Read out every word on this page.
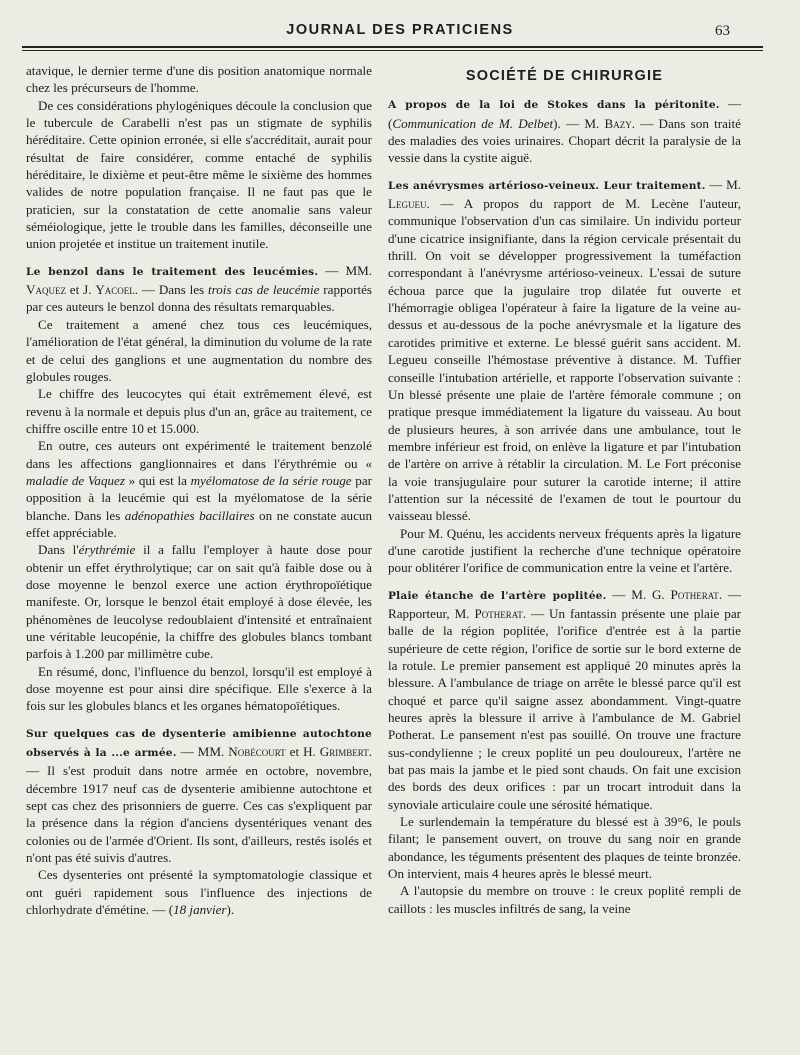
JOURNAL DES PRATICIENS	63

atavique, le dernier terme d'une dis position anatomique normale chez les précurseurs de l'homme.

De ces considérations phylogéniques découle la conclusion que le tubercule de Carabelli n'est pas un stigmate de syphilis héréditaire. Cette opinion erronée, si elle s'accréditait, aurait pour résultat de faire considérer, comme entaché de syphilis héréditaire, le dixième et peut-être même le sixième des hommes valides de notre population française. Il ne faut pas que le praticien, sur la constatation de cette anomalie sans valeur séméiologique, jette le trouble dans les familles, déconseille une union projetée et institue un traitement inutile.

Le benzol dans le traitement des leucémies. — MM. Vaquez et J. Yacoel. — Dans les trois cas de leucémie rapportés par ces auteurs le benzol donna des résultats remarquables.

Ce traitement a amené chez tous ces leucémiques, l'amélioration de l'état général, la diminution du volume de la rate et de celui des ganglions et une augmentation du nombre des globules rouges.

Le chiffre des leucocytes qui était extrêmement élevé, est revenu à la normale et depuis plus d'un an, grâce au traitement, ce chiffre oscille entre 10 et 15.000.

En outre, ces auteurs ont expérimenté le traitement benzolé dans les affections ganglionnaires et dans l'érythrémie ou « maladie de Vaquez » qui est la myélomatose de la série rouge par opposition à la leucémie qui est la myélomatose de la série blanche. Dans les adénopathies bacillaires on ne constate aucun effet appréciable.

Dans l'érythrémie il a fallu l'employer à haute dose pour obtenir un effet érythrolytique; car on sait qu'à faible dose ou à dose moyenne le benzol exerce une action érythropoïétique manifeste. Or, lorsque le benzol était employé à dose élevée, les phénomènes de leucolyse redoublaient d'intensité et entraînaient une véritable leucopénie, la chiffre des globules blancs tombant parfois à 1.200 par millimètre cube.

En résumé, donc, l'influence du benzol, lorsqu'il est employé à dose moyenne est pour ainsi dire spécifique. Elle s'exerce à la fois sur les globules blancs et les organes hématopoïétiques.

Sur quelques cas de dysenterie amibienne autochtone observés à la ...e armée. — MM. Nobécourt et H. Grimbert. — Il s'est produit dans notre armée en octobre, novembre, décembre 1917 neuf cas de dysenterie amibienne autochtone et sept cas chez des prisonniers de guerre. Ces cas s'expliquent par la présence dans la région d'anciens dysentériques venant des colonies ou de l'armée d'Orient. Ils sont, d'ailleurs, restés isolés et n'ont pas été suivis d'autres.

Ces dysenteries ont présenté la symptomatologie classique et ont guéri rapidement sous l'influence des injections de chlorhydrate d'émétine. — (18 janvier).

SOCIÉTÉ DE CHIRURGIE

A propos de la loi de Stokes dans la péritonite. — (Communication de M. Delbet). — M. Bazy. — Dans son traité des maladies des voies urinaires. Chopart décrit la paralysie de la vessie dans la cystite aiguë.

Les anévrysmes artérioso-veineux. Leur traitement. — M. Legueu. — A propos du rapport de M. Lecène l'auteur, communique l'observation d'un cas similaire. Un individu porteur d'une cicatrice insignifiante, dans la région cervicale présentait du thrill. On voit se développer progressivement la tuméfaction correspondant à l'anévrysme artérioso-veineux. L'essai de suture échoua parce que la jugulaire trop dilatée fut ouverte et l'hémorragie obligea l'opérateur à faire la ligature de la veine au-dessus et au-dessous de la poche anévrysmale et la ligature des carotides primitive et externe. Le blessé guérit sans accident. M. Legueu conseille l'hémostase préventive à distance. M. Tuffier conseille l'intubation artérielle, et rapporte l'observation suivante : Un blessé présente une plaie de l'artère fémorale commune ; on pratique presque immédiatement la ligature du vaisseau. Au bout de plusieurs heures, à son arrivée dans une ambulance, tout le membre inférieur est froid, on enlève la ligature et par l'intubation de l'artère on arrive à rétablir la circulation. M. Le Fort préconise la voie transjugulaire pour suturer la carotide interne; il attire l'attention sur la nécessité de l'examen de tout le pourtour du vaisseau blessé.

Pour M. Quénu, les accidents nerveux fréquents après la ligature d'une carotide justifient la recherche d'une technique opératoire pour oblitérer l'orifice de communication entre la veine et l'artère.

Plaie étanche de l'artère poplitée. — M. G. Potherat. — Rapporteur, M. Potherat. — Un fantassin présente une plaie par balle de la région poplitée, l'orifice d'entrée est à la partie supérieure de cette région, l'orifice de sortie sur le bord externe de la rotule. Le premier pansement est appliqué 20 minutes après la blessure. A l'ambulance de triage on arrête le blessé parce qu'il est choqué et parce qu'il saigne assez abondamment. Vingt-quatre heures après la blessure il arrive à l'ambulance de M. Gabriel Potherat. Le pansement n'est pas souillé. On trouve une fracture sus-condylienne ; le creux poplité un peu douloureux, l'artère ne bat pas mais la jambe et le pied sont chauds. On fait une excision des bords des deux orifices : par un trocart introduit dans la synoviale articulaire coule une sérosité hématique.

Le surlendemain la température du blessé est à 39°6, le pouls filant; le pansement ouvert, on trouve du sang noir en grande abondance, les téguments présentent des plaques de teinte bronzée. On intervient, mais 4 heures après le blessé meurt.

A l'autopsie du membre on trouve : le creux poplité rempli de caillots : les muscles infiltrés de sang, la veine
